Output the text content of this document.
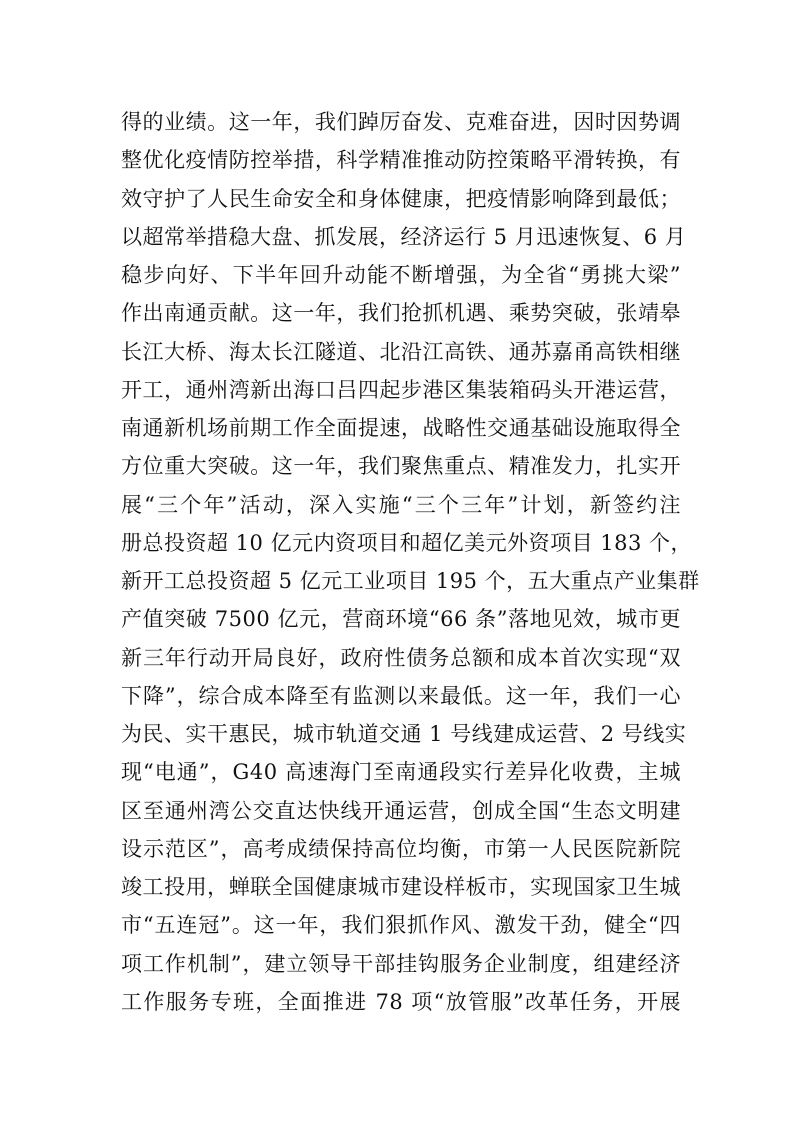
得的业绩。这一年，我们踔厉奋发、克难奋进，因时因势调
整优化疫情防控举措，科学精准推动防控策略平滑转换，有
效守护了人民生命安全和身体健康，把疫情影响降到最低；
以超常举措稳大盘、抓发展，经济运行 5 月迅速恢复、6 月
稳步向好、下半年回升动能不断增强，为全省“勇挑大梁”
作出南通贡献。这一年，我们抢抓机遇、乘势突破，张靖皋
长江大桥、海太长江隧道、北沿江高铁、通苏嘉甬高铁相继
开工，通州湾新出海口吕四起步港区集装箱码头开港运营，
南通新机场前期工作全面提速，战略性交通基础设施取得全
方位重大突破。这一年，我们聚焦重点、精准发力，扎实开
展“三个年”活动，深入实施“三个三年”计划，新签约注
册总投资超 10 亿元内资项目和超亿美元外资项目 183 个，
新开工总投资超 5 亿元工业项目 195 个，五大重点产业集群
产值突破 7500 亿元，营商环境“66 条”落地见效，城市更
新三年行动开局良好，政府性债务总额和成本首次实现“双
下降”，综合成本降至有监测以来最低。这一年，我们一心
为民、实干惠民，城市轨道交通 1 号线建成运营、2 号线实
现“电通”，G40 高速海门至南通段实行差异化收费，主城
区至通州湾公交直达快线开通运营，创成全国“生态文明建
设示范区”，高考成绩保持高位均衡，市第一人民医院新院
竣工投用，蝉联全国健康城市建设样板市，实现国家卫生城
市“五连冠”。这一年，我们狠抓作风、激发干劲，健全“四
项工作机制”，建立领导干部挂钩服务企业制度，组建经济
工作服务专班，全面推进 78 项“放管服”改革任务，开展
